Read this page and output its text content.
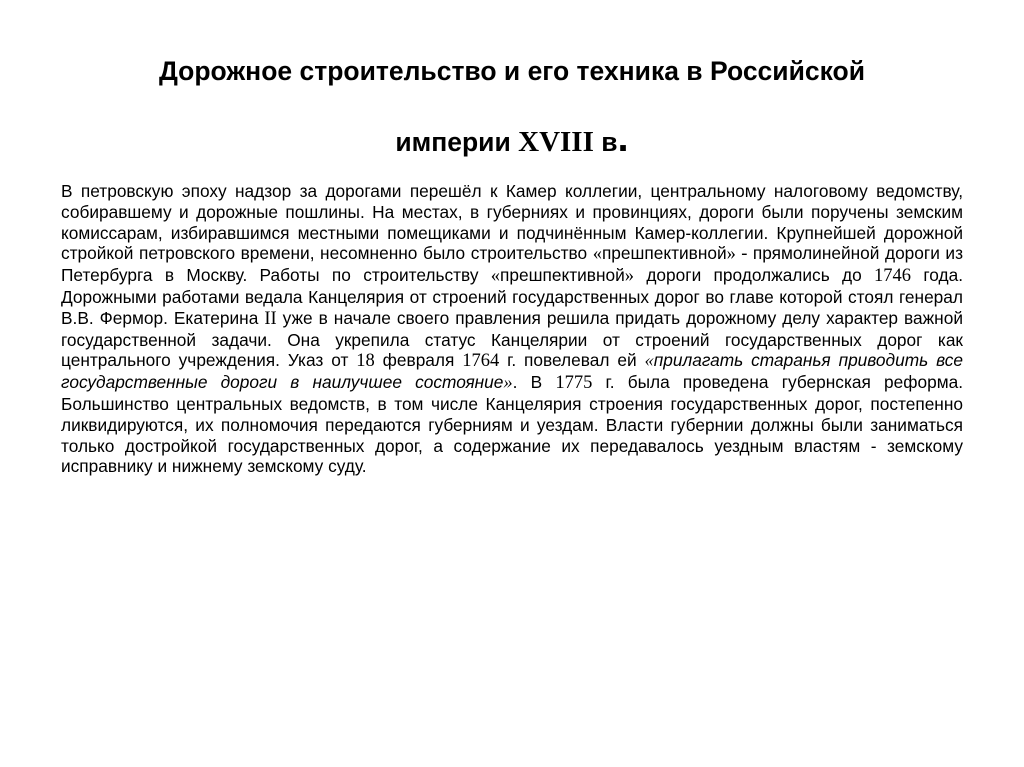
Дорожное строительство и его техника в Российской
империи XVIII в.

В петровскую эпоху надзор за дорогами перешёл к Камер коллегии, центральному налоговому ведомству, собиравшему и дорожные пошлины. На местах, в губерниях и провинциях, дороги были поручены земским комиссарам, избиравшимся местными помещиками и подчинённым Камер-коллегии. Крупнейшей дорожной стройкой петровского времени, несомненно было строительство «прешпективной» - прямолинейной дороги из Петербурга в Москву. Работы по строительству «прешпективной» дороги продолжались до 1746 года. Дорожными работами ведала Канцелярия от строений государственных дорог во главе которой стоял генерал В.В. Фермор. Екатерина II уже в начале своего правления решила придать дорожному делу характер важной государственной задачи. Она укрепила статус Канцелярии от строений государственных дорог как центрального учреждения. Указ от 18 февраля 1764 г. повелевал ей «прилагать старанья приводить все государственные дороги в наилучшее состояние». В 1775 г. была проведена губернская реформа. Большинство центральных ведомств, в том числе Канцелярия строения государственных дорог, постепенно ликвидируются, их полномочия передаются губерниям и уездам. Власти губернии должны были заниматься только достройкой государственных дорог, а содержание их передавалось уездным властям - земскому исправнику и нижнему земскому суду.
